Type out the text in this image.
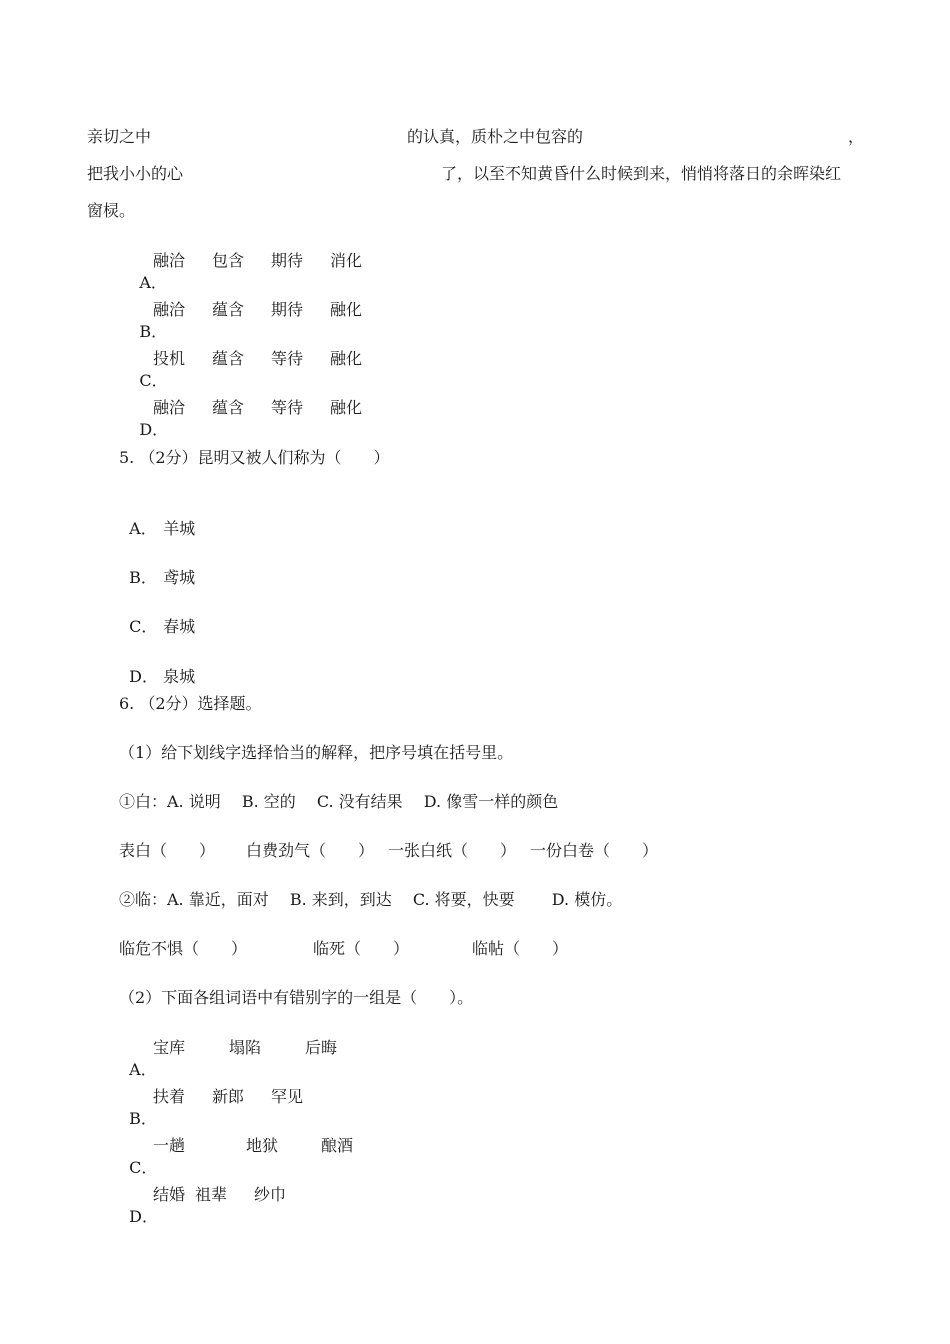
亲切之中	的认真，质朴之中包容的	，
把我小小的心	了，以至不知黄昏什么时候到来，悄悄将落日的余晖染红
窗棂。

A．

融洽 包含 期待 消化

B．

融洽 蕴含 期待 融化

C．

投机 蕴含 等待 融化

D．

融洽 蕴含 等待 融化
5. （2分）昆明又被人们称为（　　）

A． 羊城

B． 鸢城

C． 春城

D． 泉城

6. （2分）选择题。
（1）给下划线字选择恰当的解释，把序号填在括号里。
①白：A. 说明　 B. 空的　 C. 没有结果　 D. 像雪一样的颜色
表白（　　） 白费劲气（　　） 一张白纸（　　） 一份白卷（　　）
②临：A. 靠近，面对　 B. 来到，到达　 C. 将要，快要　　 D. 模仿。
临危不惧（　　）	临死（　　）	临帖（　　）
（2）下面各组词语中有错别字的一组是（　　）。

A．

宝库	塌陷	后晦

B．

扶着 新郎 罕见

C．

一趟	地狱	酿酒

D．

结婚 祖辈 纱巾
